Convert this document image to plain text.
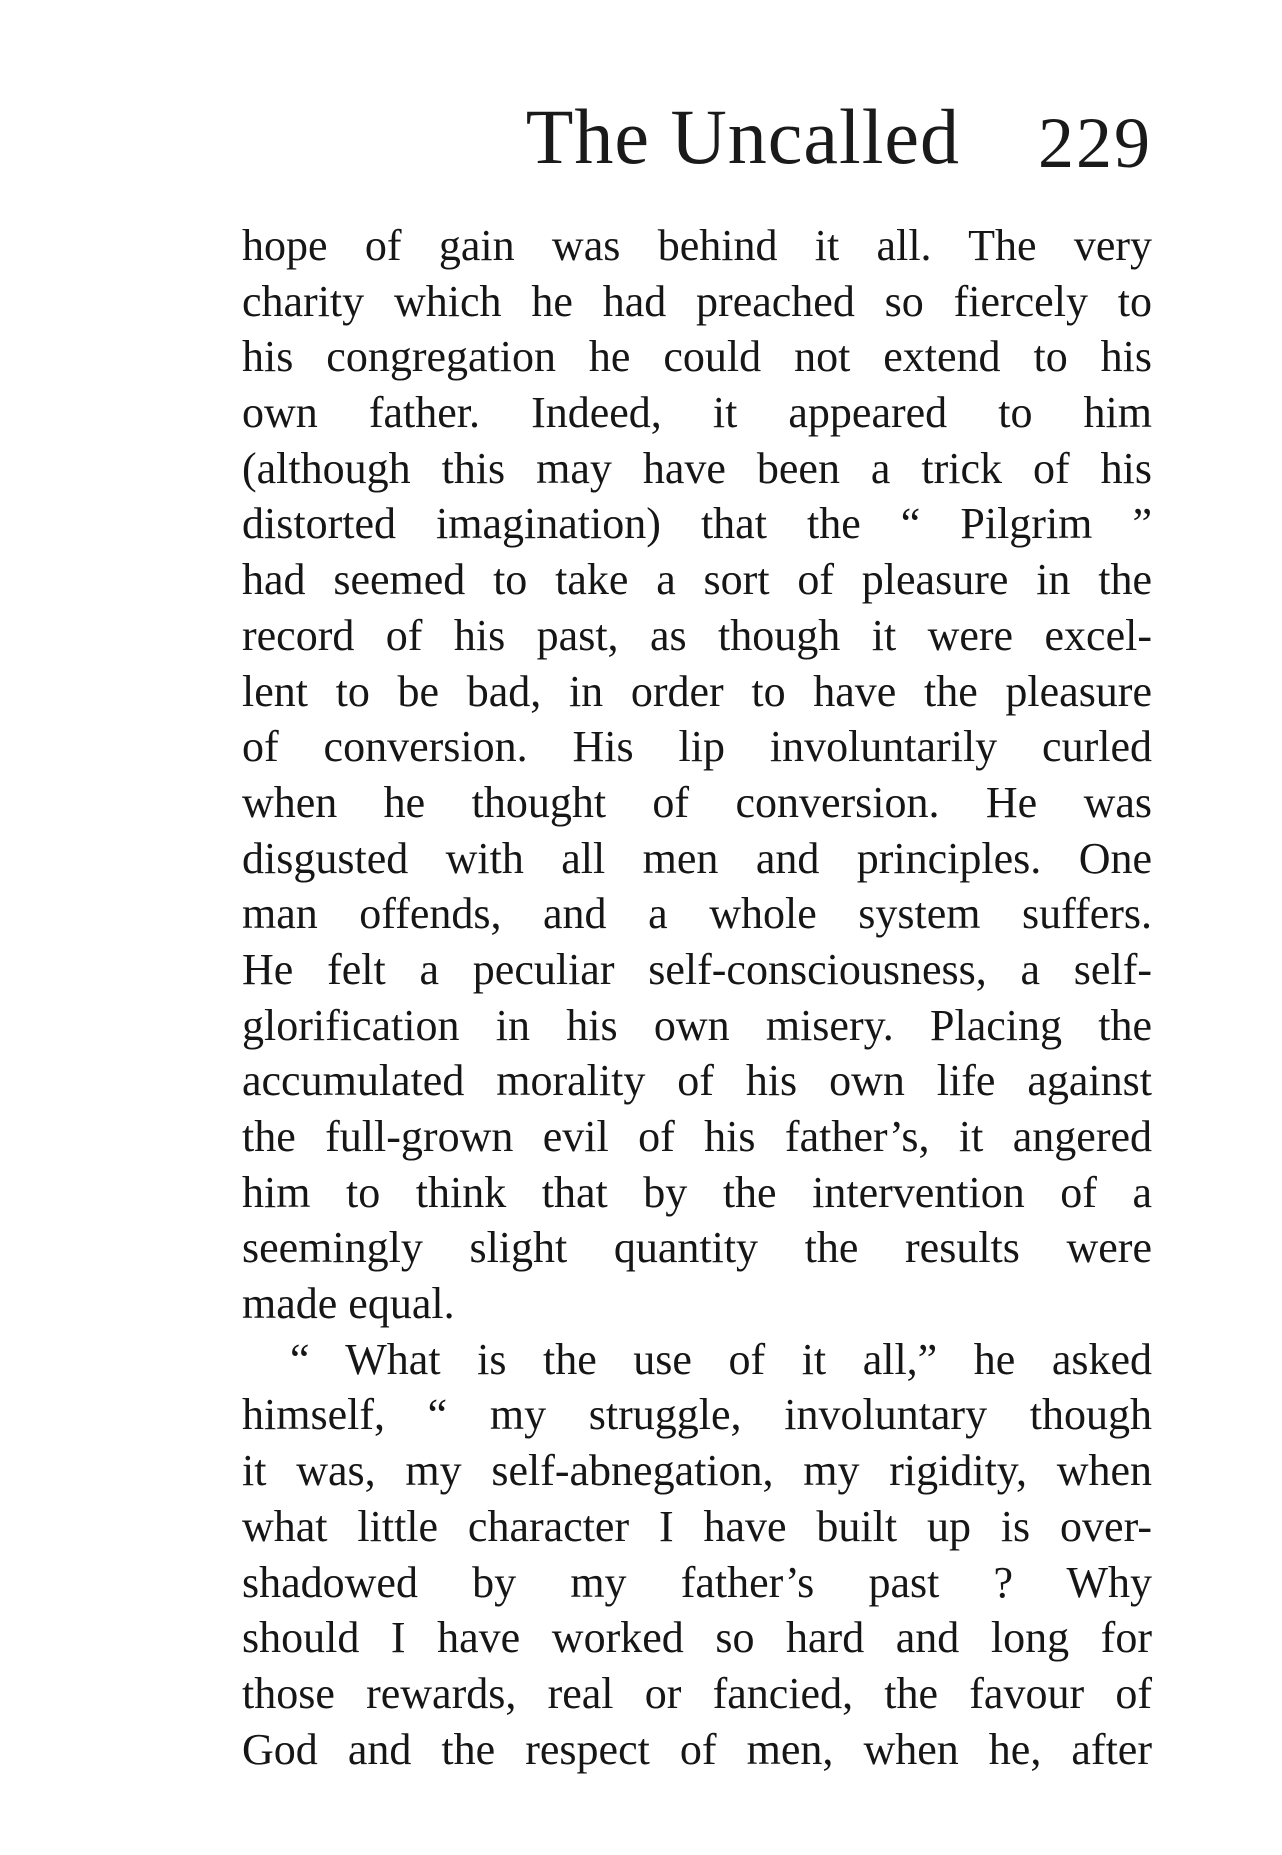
The Uncalled 229
hope of gain was behind it all. The very
charity which he had preached so fiercely to
his congregation he could not extend to his
own father. Indeed, it appeared to him
(although this may have been a trick of his
distorted imagination) that the “ Pilgrim ”
had seemed to take a sort of pleasure in the
record of his past, as though it were excel-
lent to be bad, in order to have the pleasure
of conversion. His lip involuntarily curled
when he thought of conversion. He was
disgusted with all men and principles. One
man offends, and a whole system suffers.
He felt a peculiar self-consciousness, a self-
glorification in his own misery. Placing the
accumulated morality of his own life against
the full-grown evil of his father’s, it angered
him to think that by the intervention of a
seemingly slight quantity the results were
made equal.
“ What is the use of it all,” he asked
himself, “ my struggle, involuntary though
it was, my self-abnegation, my rigidity, when
what little character I have built up is over-
shadowed by my father’s past ? Why
should I have worked so hard and long for
those rewards, real or fancied, the favour of
God and the respect of men, when he, after
